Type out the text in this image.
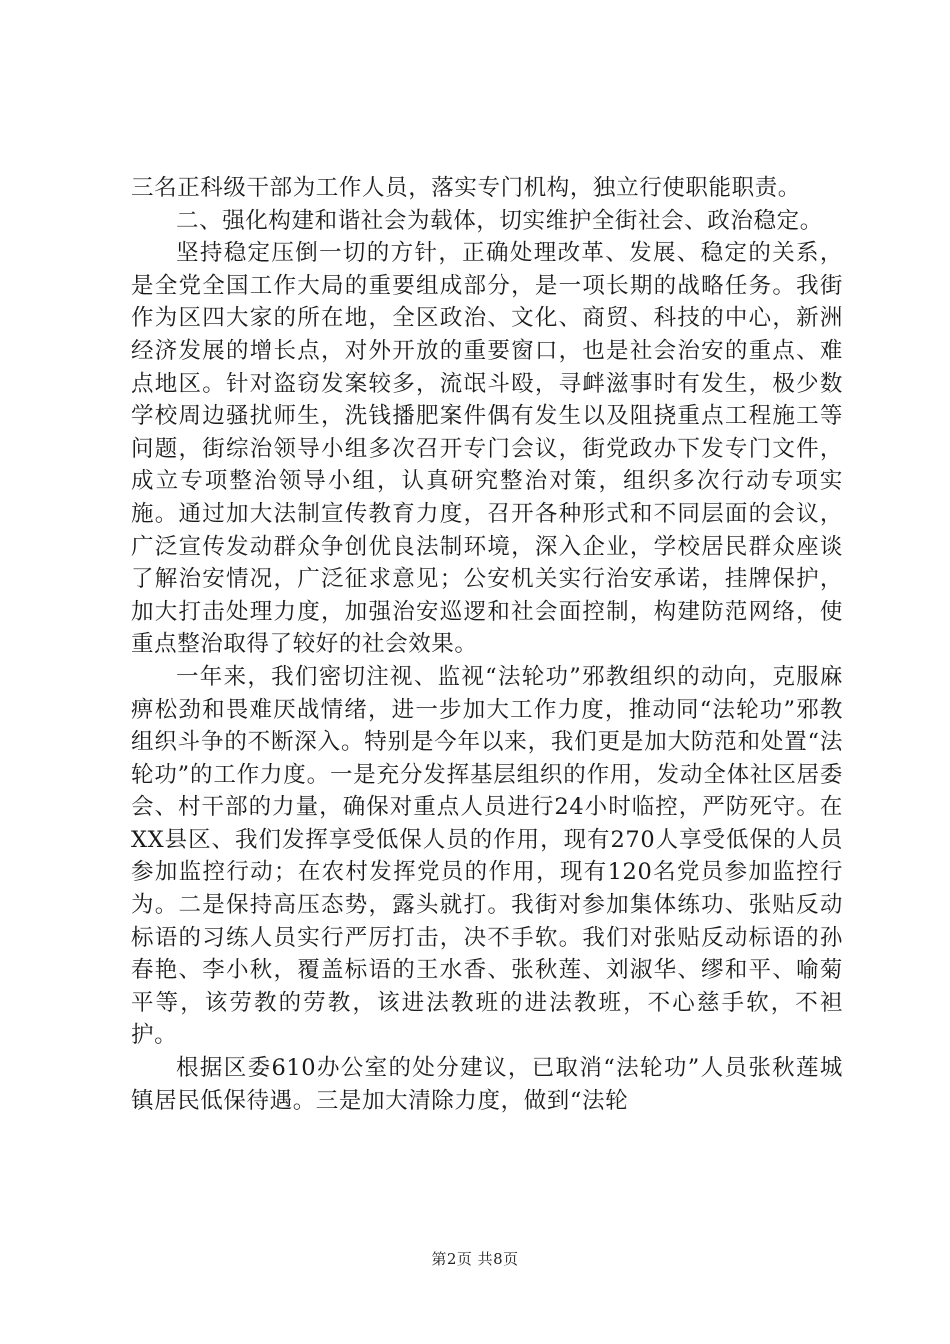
三名正科级干部为工作人员，落实专门机构，独立行使职能职责。

二、强化构建和谐社会为载体，切实维护全街社会、政治稳定。

坚持稳定压倒一切的方针，正确处理改革、发展、稳定的关系，是全党全国工作大局的重要组成部分，是一项长期的战略任务。我街作为区四大家的所在地，全区政治、文化、商贸、科技的中心，新洲经济发展的增长点，对外开放的重要窗口，也是社会治安的重点、难点地区。针对盗窃发案较多，流氓斗殴，寻衅滋事时有发生，极少数学校周边骚扰师生，洗钱播肥案件偶有发生以及阻挠重点工程施工等问题，街综治领导小组多次召开专门会议，街党政办下发专门文件，成立专项整治领导小组，认真研究整治对策，组织多次行动专项实施。通过加大法制宣传教育力度，召开各种形式和不同层面的会议，广泛宣传发动群众争创优良法制环境，深入企业，学校居民群众座谈了解治安情况，广泛征求意见；公安机关实行治安承诺，挂牌保护，加大打击处理力度，加强治安巡逻和社会面控制，构建防范网络，使重点整治取得了较好的社会效果。

一年来，我们密切注视、监视“法轮功”邪教组织的动向，克服麻痹松劲和畏难厌战情绪，进一步加大工作力度，推动同“法轮功”邪教组织斗争的不断深入。特别是今年以来，我们更是加大防范和处置“法轮功”的工作力度。一是充分发挥基层组织的作用，发动全体社区居委会、村干部的力量，确保对重点人员进行24小时临控，严防死守。在XX县区、我们发挥享受低保人员的作用，现有270人享受低保的人员参加监控行动；在农村发挥党员的作用，现有120名党员参加监控行为。二是保持高压态势，露头就打。我街对参加集体练功、张贴反动标语的习练人员实行严厉打击，决不手软。我们对张贴反动标语的孙春艳、李小秋，覆盖标语的王水香、张秋莲、刘淑华、缪和平、喻菊平等，该劳教的劳教，该进法教班的进法教班，不心慈手软，不袒护。

根据区委610办公室的处分建议，已取消“法轮功”人员张秋莲城镇居民低保待遇。三是加大清除力度，做到“法轮

第2页 共8页
